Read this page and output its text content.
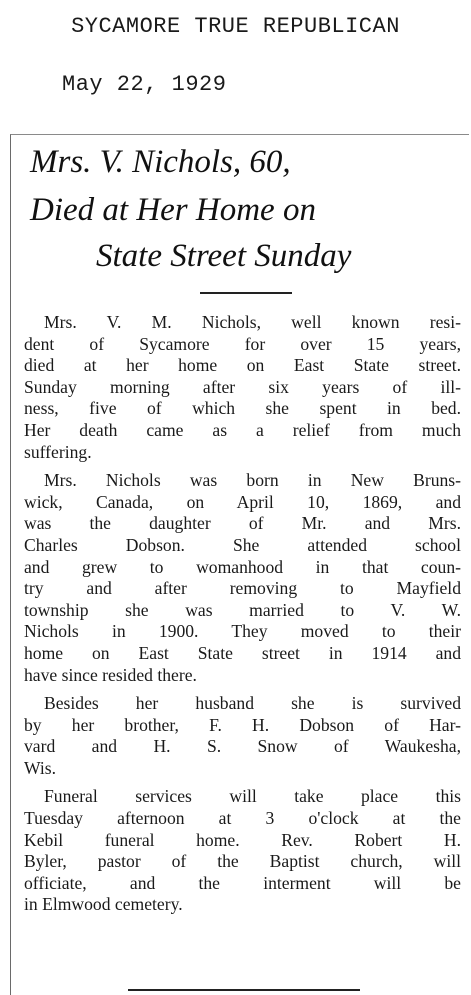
SYCAMORE TRUE REPUBLICAN
May 22, 1929
Mrs. V. Nichols, 60,
Died at Her Home on
State Street Sunday

Mrs. V. M. Nichols, well known resi-
dent of Sycamore for over 15 years,
died at her home on East State street.
Sunday morning after six years of ill-
ness, five of which she spent in bed.
Her death came as a relief from much
suffering.

Mrs. Nichols was born in New Bruns-
wick, Canada, on April 10, 1869, and
was the daughter of Mr. and Mrs.
Charles Dobson. She attended school
and grew to womanhood in that coun-
try and after removing to Mayfield
township she was married to V. W.
Nichols in 1900. They moved to their
home on East State street in 1914 and
have since resided there.

Besides her husband she is survived
by her brother, F. H. Dobson of Har-
vard and H. S. Snow of Waukesha,
Wis.

Funeral services will take place this
Tuesday afternoon at 3 o'clock at the
Kebil funeral home. Rev. Robert H.
Byler, pastor of the Baptist church, will
officiate, and the interment will be
in Elmwood cemetery.
